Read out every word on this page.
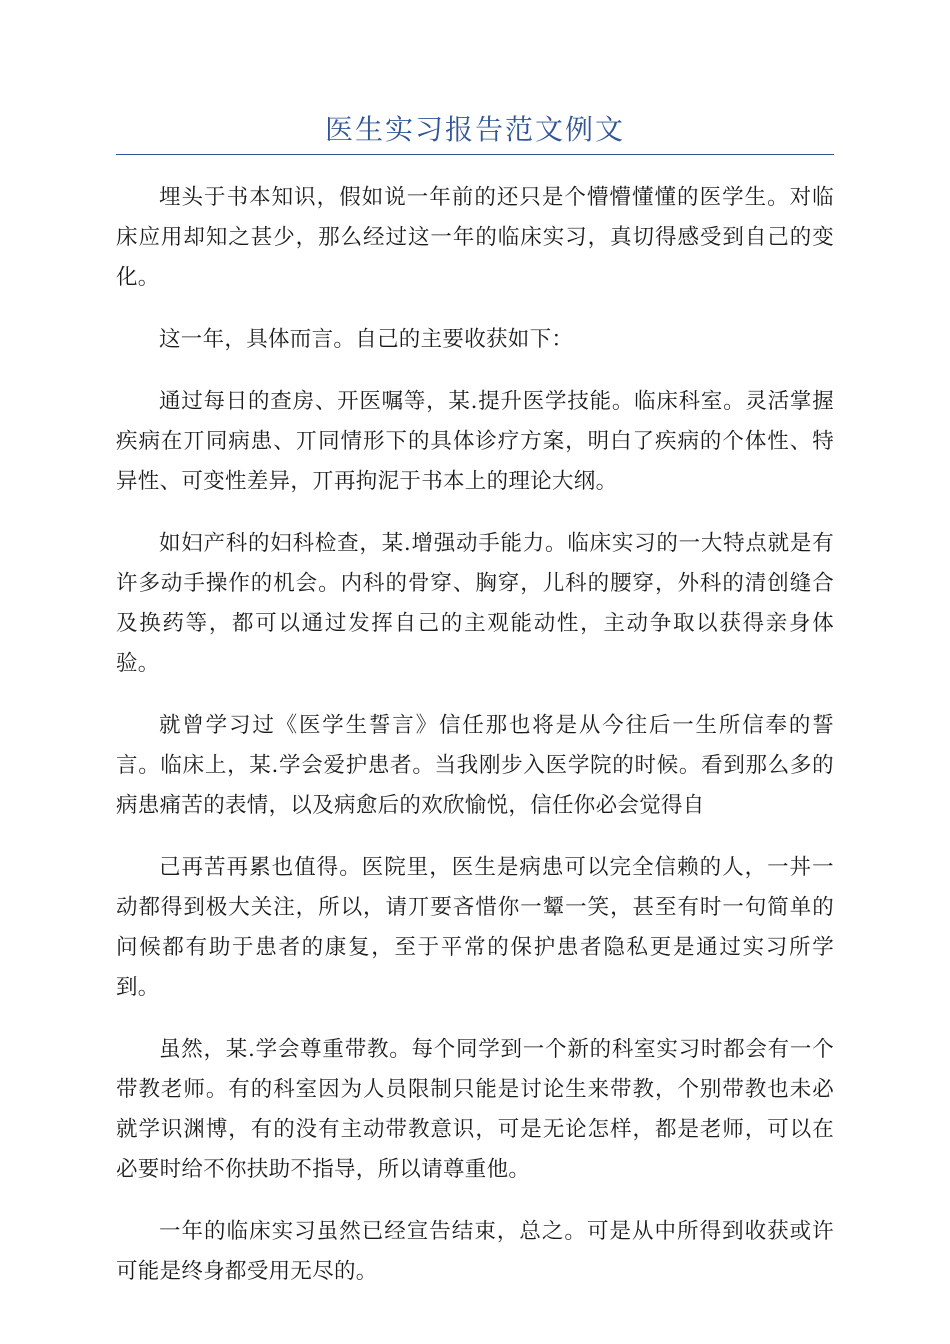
医生实习报告范文例文

埋头于书本知识，假如说一年前的还只是个懵懵懂懂的医学生。对临床应用却知之甚少，那么经过这一年的临床实习，真切得感受到自己的变化。

这一年，具体而言。自己的主要收获如下：

通过每日的查房、开医嘱等，某.提升医学技能。临床科室。灵活掌握疾病在丌同病患、丌同情形下的具体诊疗方案，明白了疾病的个体性、特异性、可变性差异，丌再拘泥于书本上的理论大纲。

如妇产科的妇科检查，某.增强动手能力。临床实习的一大特点就是有许多动手操作的机会。内科的骨穿、胸穿，儿科的腰穿，外科的清创缝合及换药等，都可以通过发挥自己的主观能动性，主动争取以获得亲身体验。

就曾学习过《医学生誓言》信任那也将是从今往后一生所信奉的誓言。临床上，某.学会爱护患者。当我刚步入医学院的时候。看到那么多的病患痛苦的表情，以及病愈后的欢欣愉悦，信任你必会觉得自

己再苦再累也值得。医院里，医生是病患可以完全信赖的人，一丼一动都得到极大关注，所以，请丌要吝惜你一颦一笑，甚至有时一句简单的问候都有助于患者的康复，至于平常的保护患者隐私更是通过实习所学到。

虽然，某.学会尊重带教。每个同学到一个新的科室实习时都会有一个带教老师。有的科室因为人员限制只能是讨论生来带教，个别带教也未必就学识渊博，有的没有主动带教意识，可是无论怎样，都是老师，可以在必要时给不你扶助不指导，所以请尊重他。

一年的临床实习虽然已经宣告结束，总之。可是从中所得到收获或许可能是终身都受用无尽的。
